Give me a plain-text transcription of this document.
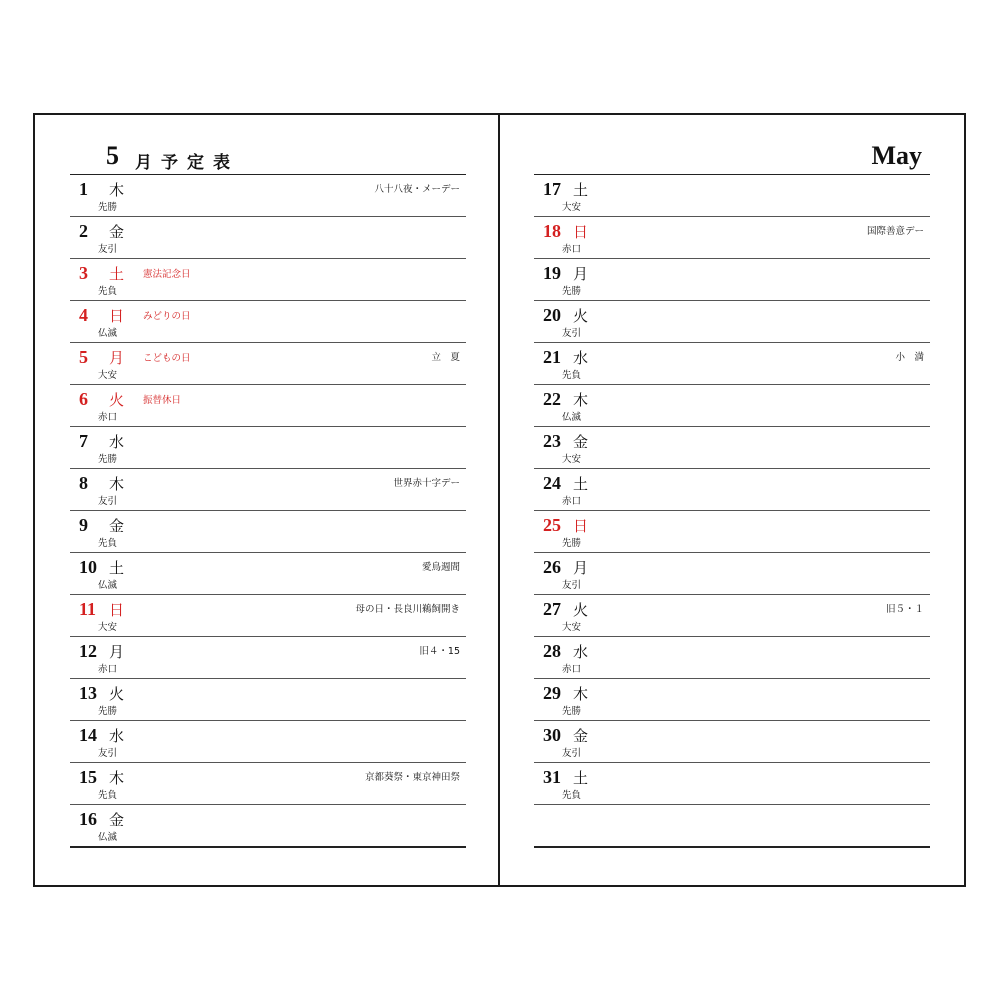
5 月予定表
1 木
先勝
八十八夜・メーデー
2 金
友引
3 土
先負
憲法記念日
4 日
仏滅
みどりの日
5 月
大安
こどもの日	立　夏
6 火
赤口
振替休日
7 水
先勝
8 木
友引
世界赤十字デー
9 金
先負
10 土
仏滅
愛鳥週間
11 日
大安
母の日・長良川鵜飼開き
12 月
赤口
旧４・15
13 火
先勝
14 水
友引
15 木
先負
京都葵祭・東京神田祭
16 金
仏滅
May
17 土
大安
18 日
赤口
国際善意デー
19 月
先勝
20 火
友引
21 水
先負
小　満
22 木
仏滅
23 金
大安
24 土
赤口
25 日
先勝
26 月
友引
27 火
大安
旧５・１
28 水
赤口
29 木
先勝
30 金
友引
31 土
先負
